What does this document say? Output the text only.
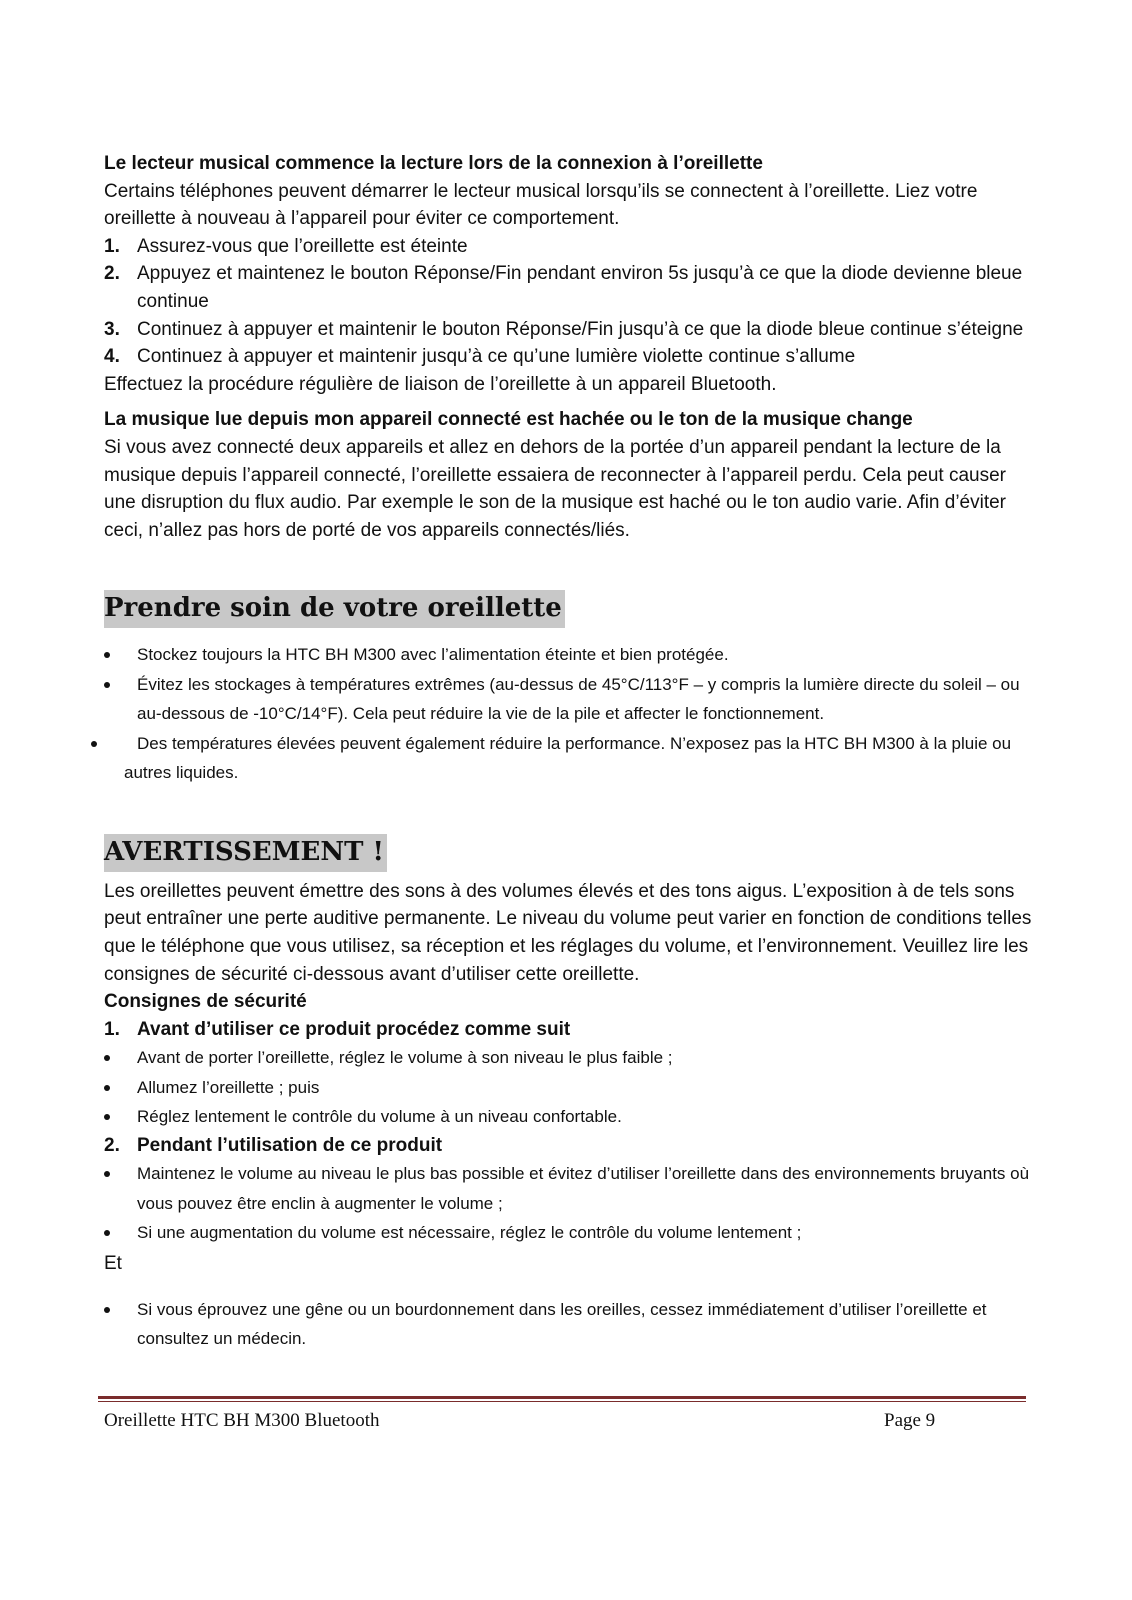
Le lecteur musical commence la lecture lors de la connexion à l’oreillette

Certains téléphones peuvent démarrer le lecteur musical lorsqu’ils se connectent à l’oreillette. Liez votre oreillette à nouveau à l’appareil pour éviter ce comportement.

1. Assurez-vous que l’oreillette est éteinte
2. Appuyez et maintenez le bouton Réponse/Fin pendant environ 5s jusqu’à ce que la diode devienne bleue continue
3. Continuez à appuyer et maintenir le bouton Réponse/Fin jusqu’à ce que la diode bleue continue s’éteigne
4. Continuez à appuyer et maintenir jusqu’à ce qu’une lumière violette continue s’allume

Effectuez la procédure régulière de liaison de l’oreillette à un appareil Bluetooth.

La musique lue depuis mon appareil connecté est hachée ou le ton de la musique change

Si vous avez connecté deux appareils et allez en dehors de la portée d’un appareil pendant la lecture de la musique depuis l’appareil connecté, l’oreillette essaiera de reconnecter à l’appareil perdu. Cela peut causer une disruption du flux audio. Par exemple le son de la musique est haché ou le ton audio varie. Afin d’éviter ceci, n’allez pas hors de porté de vos appareils connectés/liés.

Prendre soin de votre oreillette
Stockez toujours la HTC BH M300 avec l’alimentation éteinte et bien protégée.
Évitez les stockages à températures extrêmes (au-dessus de 45°C/113°F – y compris la lumière directe du soleil – ou au-dessous de -10°C/14°F). Cela peut réduire la vie de la pile et affecter le fonctionnement.
Des températures élevées peuvent également réduire la performance. N’exposez pas la HTC BH M300 à la pluie ou autres liquides.
AVERTISSEMENT !

Les oreillettes peuvent émettre des sons à des volumes élevés et des tons aigus. L’exposition à de tels sons peut entraîner une perte auditive permanente. Le niveau du volume peut varier en fonction de conditions telles que le téléphone que vous utilisez, sa réception et les réglages du volume, et l’environnement. Veuillez lire les consignes de sécurité ci-dessous avant d’utiliser cette oreillette.

Consignes de sécurité

1. Avant d’utiliser ce produit procédez comme suit
Avant de porter l’oreillette, réglez le volume à son niveau le plus faible ;
Allumez l’oreillette ; puis
Réglez lentement le contrôle du volume à un niveau confortable.
2. Pendant l’utilisation de ce produit
Maintenez le volume au niveau le plus bas possible et évitez d’utiliser l’oreillette dans des environnements bruyants où vous pouvez être enclin à augmenter le volume ;
Si une augmentation du volume est nécessaire, réglez le contrôle du volume lentement ;

Et

Si vous éprouvez une gêne ou un bourdonnement dans les oreilles, cessez immédiatement d’utiliser l’oreillette et consultez un médecin.
Oreillette HTC BH M300 Bluetooth	Page 9
